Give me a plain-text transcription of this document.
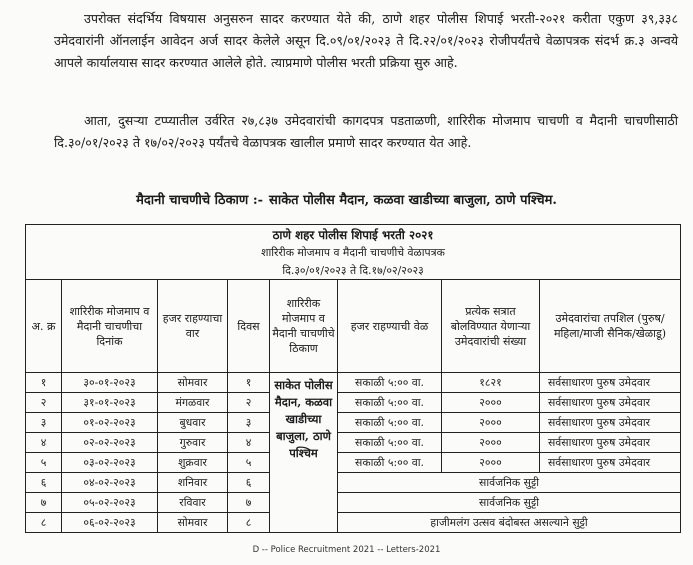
उपरोक्त संदर्भिय विषयास अनुसरुन सादर करण्यात येते की, ठाणे शहर पोलीस शिपाई भरती-२०२१ करीता एकुण ३९,३३८ उमेदवारांनी ऑनलाईन आवेदन अर्ज सादर केलेले असून दि.०९/०१/२०२३ ते दि.२२/०१/२०२३ रोजीपर्यंतचे वेळापत्रक संदर्भ क्र.३ अन्वये आपले कार्यालयास सादर करण्यात आलेले होते. त्याप्रमाणे पोलीस भरती प्रक्रिया सुरु आहे.

आता, दुसऱ्या टप्प्यातील उर्वरित २७,८३७ उमेदवारांची कागदपत्र पडताळणी, शारिरीक मोजमाप चाचणी व मैदानी चाचणीसाठी दि.३०/०१/२०२३ ते १७/०२/२०२३ पर्यंतचे वेळापत्रक खालील प्रमाणे सादर करण्यात येत आहे.

मैदानी चाचणीचे ठिकाण :- साकेत पोलीस मैदान, कळवा खाडीच्या बाजुला, ठाणे पश्चिम.
ठाणे शहर पोलीस शिपाई भरती २०२१							
शारिरीक मोजमाप व मैदानी चाचणीचे वेळापत्रक							
दि.३०/०१/२०२३ ते दि.१७/०२/२०२३							
अ. क्र	शारिरीक मोजमाप व मैदानी चाचणीचा दिनांक	हजर राहण्याचा वार	दिवस	शारिरीक मोजमाप व मैदानी चाचणीचे ठिकाण	हजर राहण्याची वेळ	प्रत्येक सत्रात बोलविण्यात येणाऱ्या उमेदवारांची संख्या	उमेदवारांचा तपशिल (पुरुष/महिला/माजी सैनिक/खेळाडू)
१	३०-०१-२०२३	सोमवार	१	साकेत पोलीस मैदान, कळवा खाडीच्या बाजुला, ठाणे पश्चिम	सकाळी ५:०० वा.	१८२१	सर्वसाधारण पुरुष उमेदवार
२	३१-०१-२०२३	मंगळवार	२		सकाळी ५:०० वा.	२०००	सर्वसाधारण पुरुष उमेदवार
३	०१-०२-२०२३	बुधवार	३		सकाळी ५:०० वा.	२०००	सर्वसाधारण पुरुष उमेदवार
४	०२-०२-२०२३	गुरुवार	४		सकाळी ५:०० वा.	२०००	सर्वसाधारण पुरुष उमेदवार
५	०३-०२-२०२३	शुक्रवार	५		सकाळी ५:०० वा.	२०००	सर्वसाधारण पुरुष उमेदवार
६	०४-०२-२०२३	शनिवार	६		सार्वजनिक सुट्टी		
७	०५-०२-२०२३	रविवार	७		सार्वजनिक सुट्टी		
८	०६-०२-२०२३	सोमवार	८		हाजीमलंग उत्सव बंदोबस्त असल्याने सुट्टी		
D -- Police Recruitment 2021 -- Letters-2021
